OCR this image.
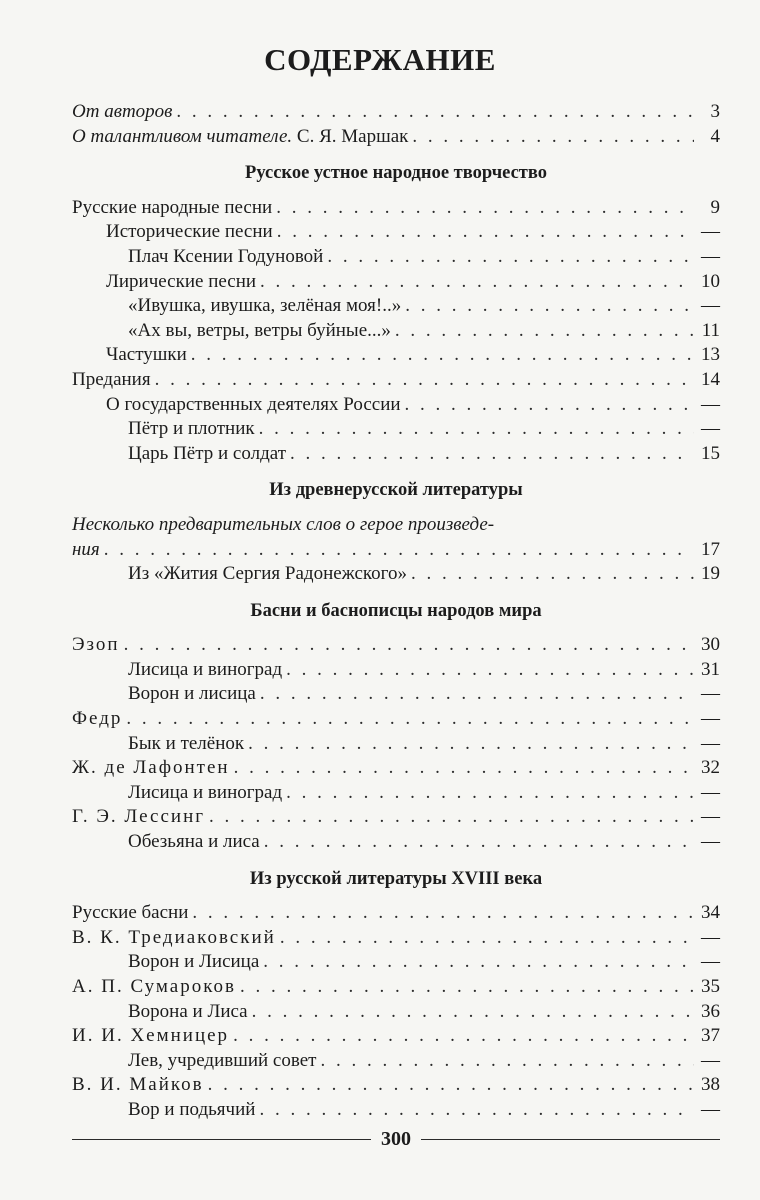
СОДЕРЖАНИЕ
От авторов . . .	3
О талантливом читателе. С. Я. Маршак . . .	4
Русское устное народное творчество
Русские народные песни . . .	9
Исторические песни . . .	—
Плач Ксении Годуновой . . .	—
Лирические песни . . .	10
«Ивушка, ивушка, зелёная моя!..» . . .	—
«Ах вы, ветры, ветры буйные...» . . .	11
Частушки . . .	13
Предания . . .	14
О государственных деятелях России . . .	—
Пётр и плотник . . .	—
Царь Пётр и солдат . . .	15
Из древнерусской литературы
Несколько предварительных слов о герое произведе-
ния . . .	17
Из «Жития Сергия Радонежского» . . .	19
Басни и баснописцы народов мира
Эзоп . . .	30
Лисица и виноград . . .	31
Ворон и лисица . . .	—
Федр . . .	—
Бык и телёнок . . .	—
Ж. де Лафонтен . . .	32
Лисица и виноград . . .	—
Г. Э. Лессинг . . .	—
Обезьяна и лиса . . .	—
Из русской литературы XVIII века
Русские басни . . .	34
В. К. Тредиаковский . . .	—
Ворон и Лисица . . .	—
А. П. Сумароков . . .	35
Ворона и Лиса . . .	36
И. И. Хемницер . . .	37
Лев, учредивший совет . . .	—
В. И. Майков . . .	38
Вор и подьячий . . .	—
300
